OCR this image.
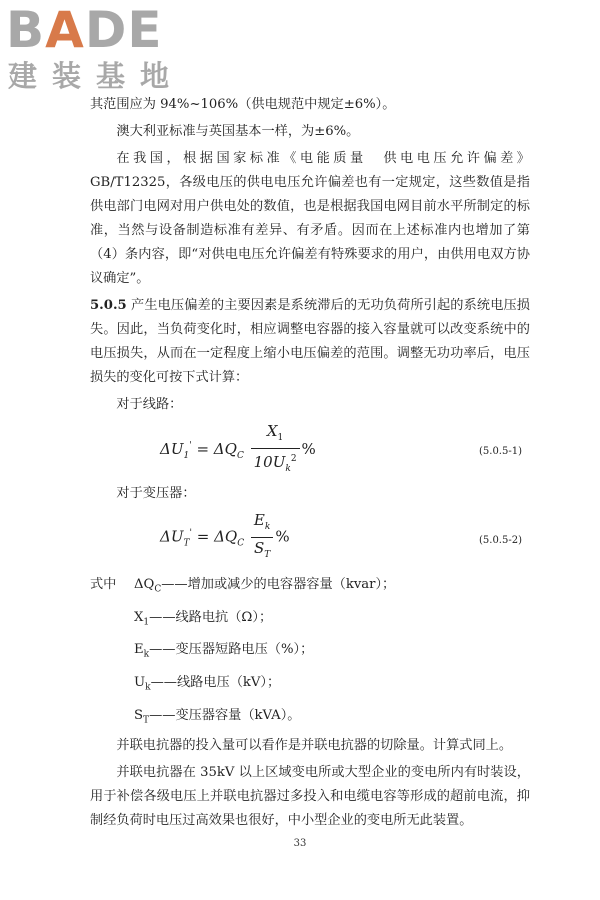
BADE
建装基地

其范围应为 94%~106%（供电规范中规定±6%）。

澳大利亚标准与英国基本一样，为±6%。

在我国，根据国家标准《电能质量　供电电压允许偏差》GB/T12325，各级电压的供电电压允许偏差也有一定规定，这些数值是指供电部门电网对用户供电处的数值，也是根据我国电网目前水平所制定的标准，当然与设备制造标准有差异、有矛盾。因而在上述标准内也增加了第（4）条内容，即“对供电电压允许偏差有特殊要求的用户，由供用电双方协议确定”。

5.0.5 产生电压偏差的主要因素是系统滞后的无功负荷所引起的系统电压损失。因此，当负荷变化时，相应调整电容器的接入容量就可以改变系统中的电压损失，从而在一定程度上缩小电压偏差的范围。调整无功功率后，电压损失的变化可按下式计算：

对于线路：

$\Delta U_1' = \Delta Q_C \frac{X_1}{10U_k^2}$ %	(5.0.5-1)

对于变压器：

$\Delta U_T' = \Delta Q_C \frac{E_k}{S_T}$ %	(5.0.5-2)
式中 $\Delta Q_C——$增加或减少的电容器容量（kvar）；
$X_1——$线路电抗（Ω）；
$E_k——$变压器短路电压（%）；
$U_k——$线路电压（kV）；
$S_T——$变压器容量（kVA）。

并联电抗器的投入量可以看作是并联电抗器的切除量。计算式同上。

并联电抗器在 35kV 以上区域变电所或大型企业的变电所内有时装设，用于补偿各级电压上并联电抗器过多投入和电缆电容等形成的超前电流，抑制经负荷时电压过高效果也很好，中小型企业的变电所无此装置。

33
